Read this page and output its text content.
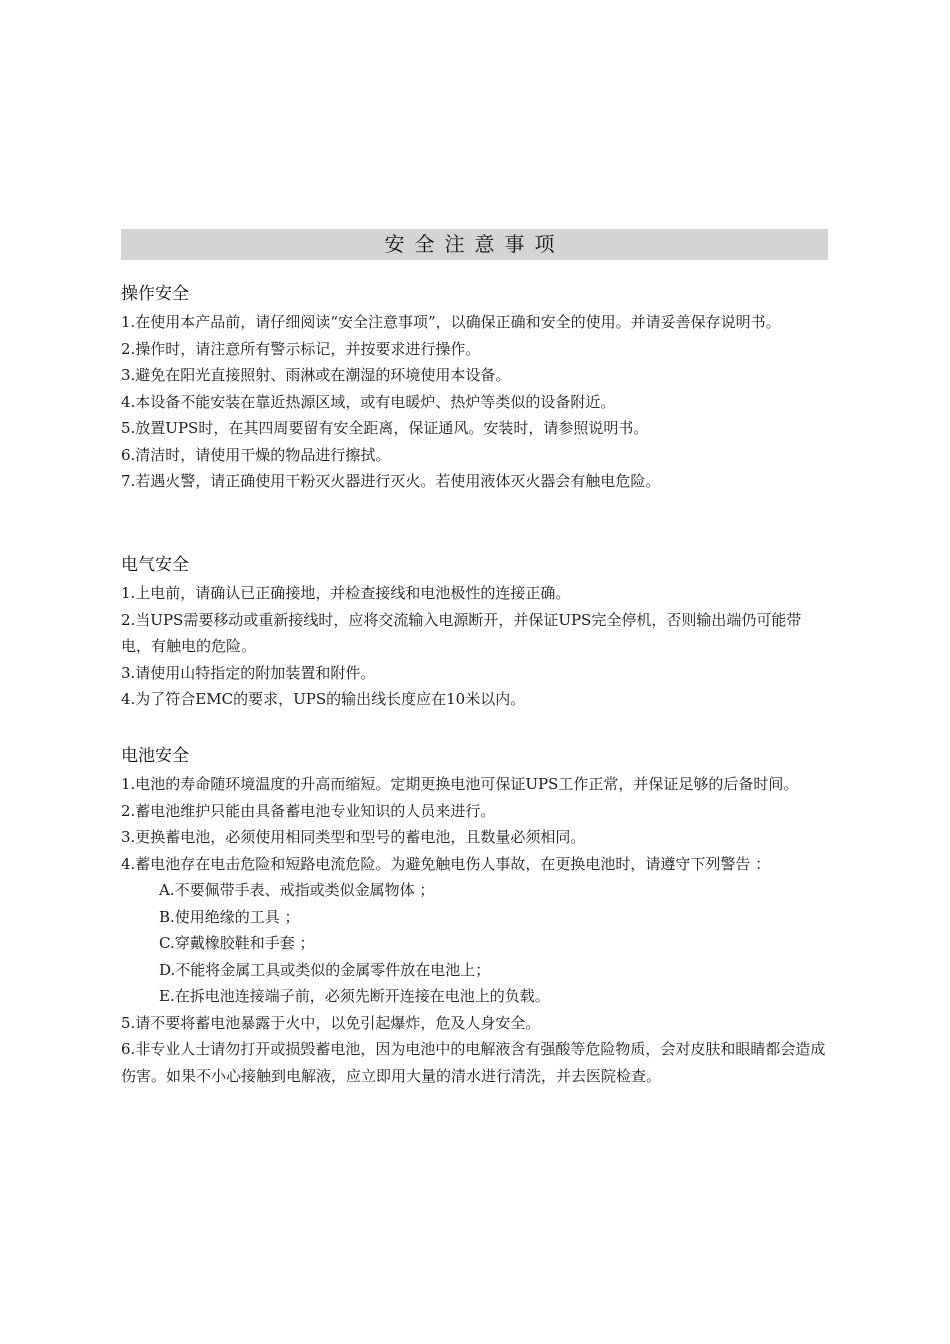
安全注意事项
操作安全

1.在使用本产品前，请仔细阅读“安全注意事项”，以确保正确和安全的使用。并请妥善保存说明书。

2.操作时，请注意所有警示标记，并按要求进行操作。

3.避免在阳光直接照射、雨淋或在潮湿的环境使用本设备。

4.本设备不能安装在靠近热源区域，或有电暖炉、热炉等类似的设备附近。

5.放置UPS时，在其四周要留有安全距离，保证通风。安装时，请参照说明书。

6.清洁时，请使用干燥的物品进行擦拭。

7.若遇火警，请正确使用干粉灭火器进行灭火。若使用液体灭火器会有触电危险。

电气安全

1.上电前，请确认已正确接地，并检查接线和电池极性的连接正确。

2.当UPS需要移动或重新接线时，应将交流输入电源断开，并保证UPS完全停机，否则输出端仍可能带电，有触电的危险。

3.请使用山特指定的附加装置和附件。

4.为了符合EMC的要求，UPS的输出线长度应在10米以内。

电池安全

1.电池的寿命随环境温度的升高而缩短。定期更换电池可保证UPS工作正常，并保证足够的后备时间。

2.蓄电池维护只能由具备蓄电池专业知识的人员来进行。

3.更换蓄电池，必须使用相同类型和型号的蓄电池，且数量必须相同。

4.蓄电池存在电击危险和短路电流危险。为避免触电伤人事故，在更换电池时，请遵守下列警告 ：

A.不要佩带手表、戒指或类似金属物体 ；

B.使用绝缘的工具 ；

C.穿戴橡胶鞋和手套 ；

D.不能将金属工具或类似的金属零件放在电池上；

E.在拆电池连接端子前，必须先断开连接在电池上的负载。

5.请不要将蓄电池暴露于火中，以免引起爆炸，危及人身安全。

6.非专业人士请勿打开或损毁蓄电池，因为电池中的电解液含有强酸等危险物质，会对皮肤和眼睛都会造成伤害。如果不小心接触到电解液，应立即用大量的清水进行清洗，并去医院检查。
